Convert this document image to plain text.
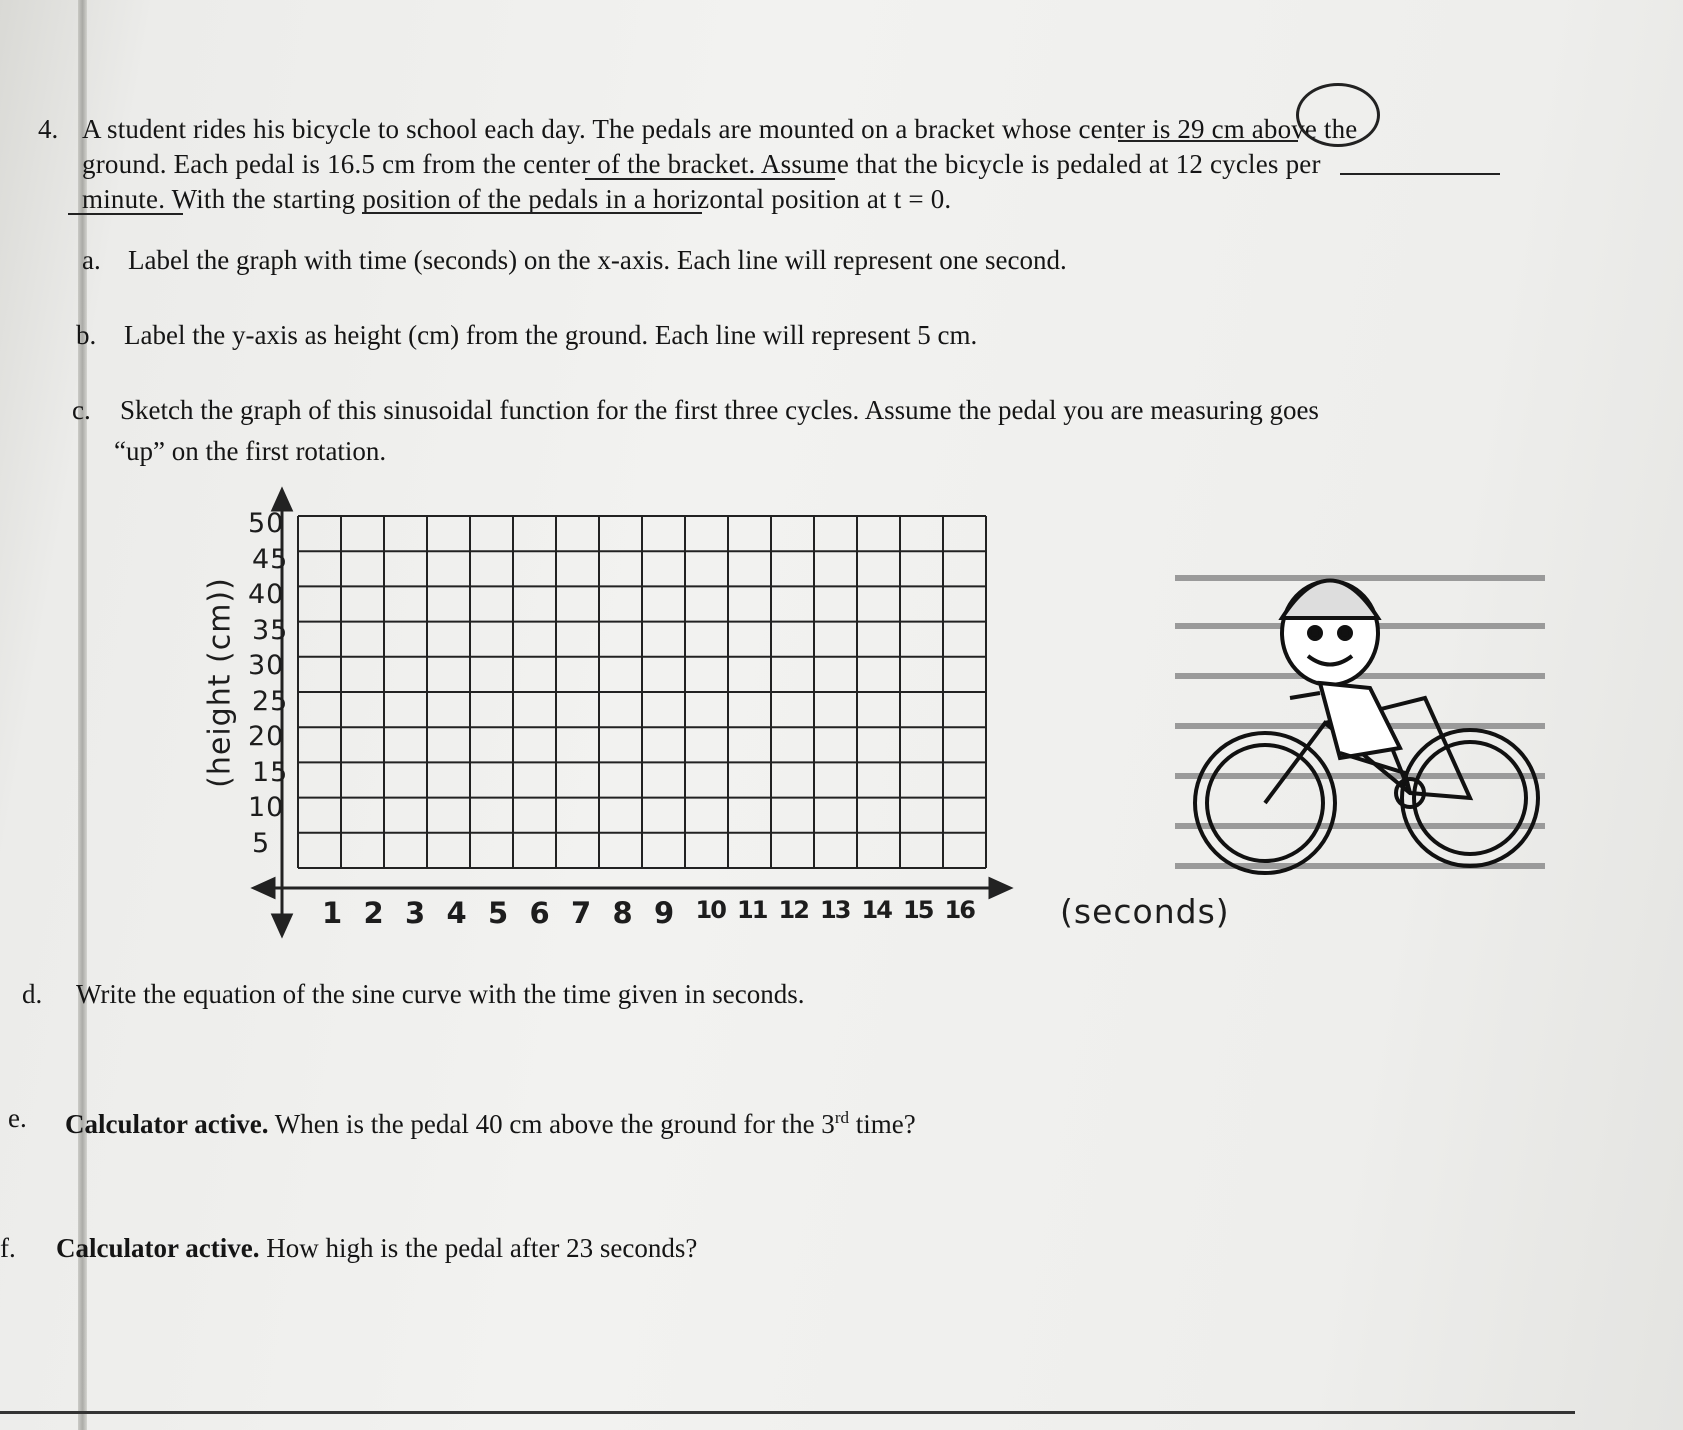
4. A student rides his bicycle to school each day. The pedals are mounted on a bracket whose center is 29 cm above the
ground. Each pedal is 16.5 cm from the center of the bracket. Assume that the bicycle is pedaled at 12 cycles per
minute. With the starting position of the pedals in a horizontal position at t = 0.
a. Label the graph with time (seconds) on the x-axis. Each line will represent one second.
b. Label the y-axis as height (cm) from the ground. Each line will represent 5 cm.
c. Sketch the graph of this sinusoidal function for the first three cycles. Assume the pedal you are measuring goes
“up” on the first rotation.
50
45
40
35
30
25
20
15
10
5
1 2 3 4 5 6 7 8 9 10 11 12 13 14 15 16
(height (cm))
(seconds)
d. Write the equation of the sine curve with the time given in seconds.
e. Calculator active. When is the pedal 40 cm above the ground for the 3rd time?
f. Calculator active. How high is the pedal after 23 seconds?
